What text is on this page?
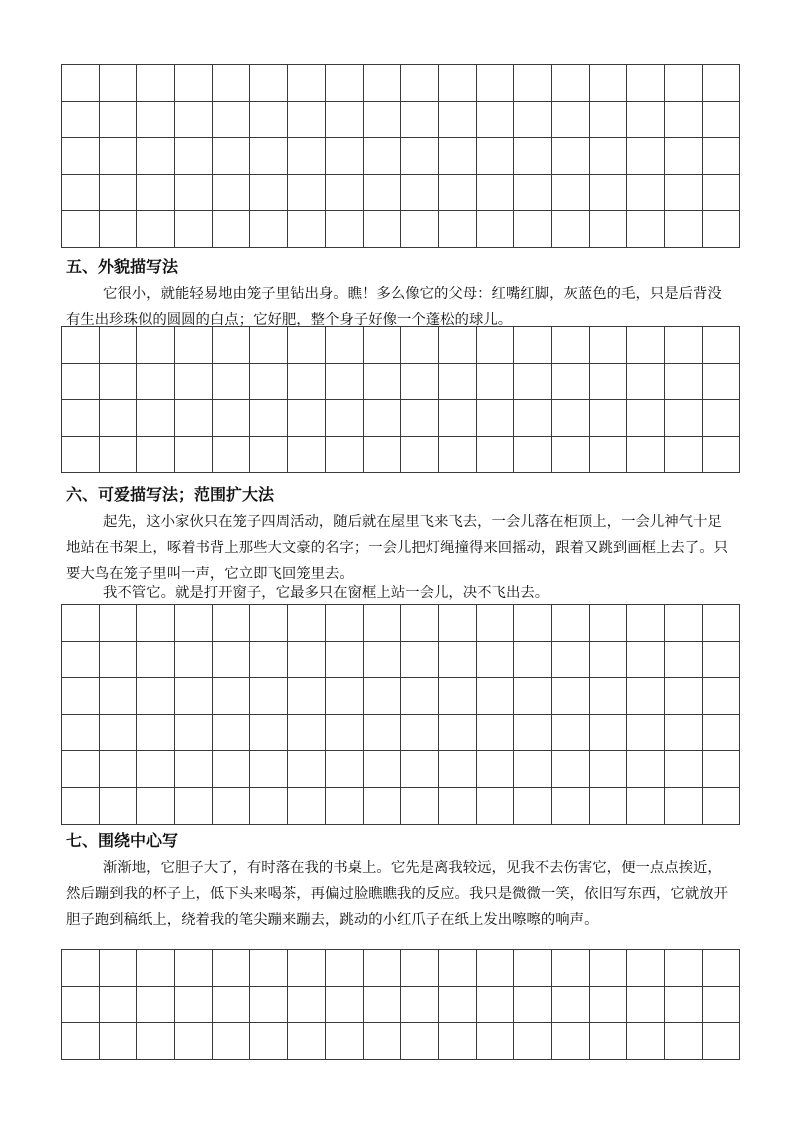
五、外貌描写法

它很小，就能轻易地由笼子里钻出身。瞧！多么像它的父母：红嘴红脚，灰蓝色的毛，只是后背没有生出珍珠似的圆圆的白点；它好肥，整个身子好像一个蓬松的球儿。

六、可爱描写法；范围扩大法

起先，这小家伙只在笼子四周活动，随后就在屋里飞来飞去，一会儿落在柜顶上，一会儿神气十足地站在书架上，啄着书背上那些大文豪的名字；一会儿把灯绳撞得来回摇动，跟着又跳到画框上去了。只要大鸟在笼子里叫一声，它立即飞回笼里去。

我不管它。就是打开窗子，它最多只在窗框上站一会儿，决不飞出去。

七、围绕中心写

渐渐地，它胆子大了，有时落在我的书桌上。它先是离我较远，见我不去伤害它，便一点点挨近，然后蹦到我的杯子上，低下头来喝茶，再偏过脸瞧瞧我的反应。我只是微微一笑，依旧写东西，它就放开胆子跑到稿纸上，绕着我的笔尖蹦来蹦去，跳动的小红爪子在纸上发出嚓嚓的响声。
